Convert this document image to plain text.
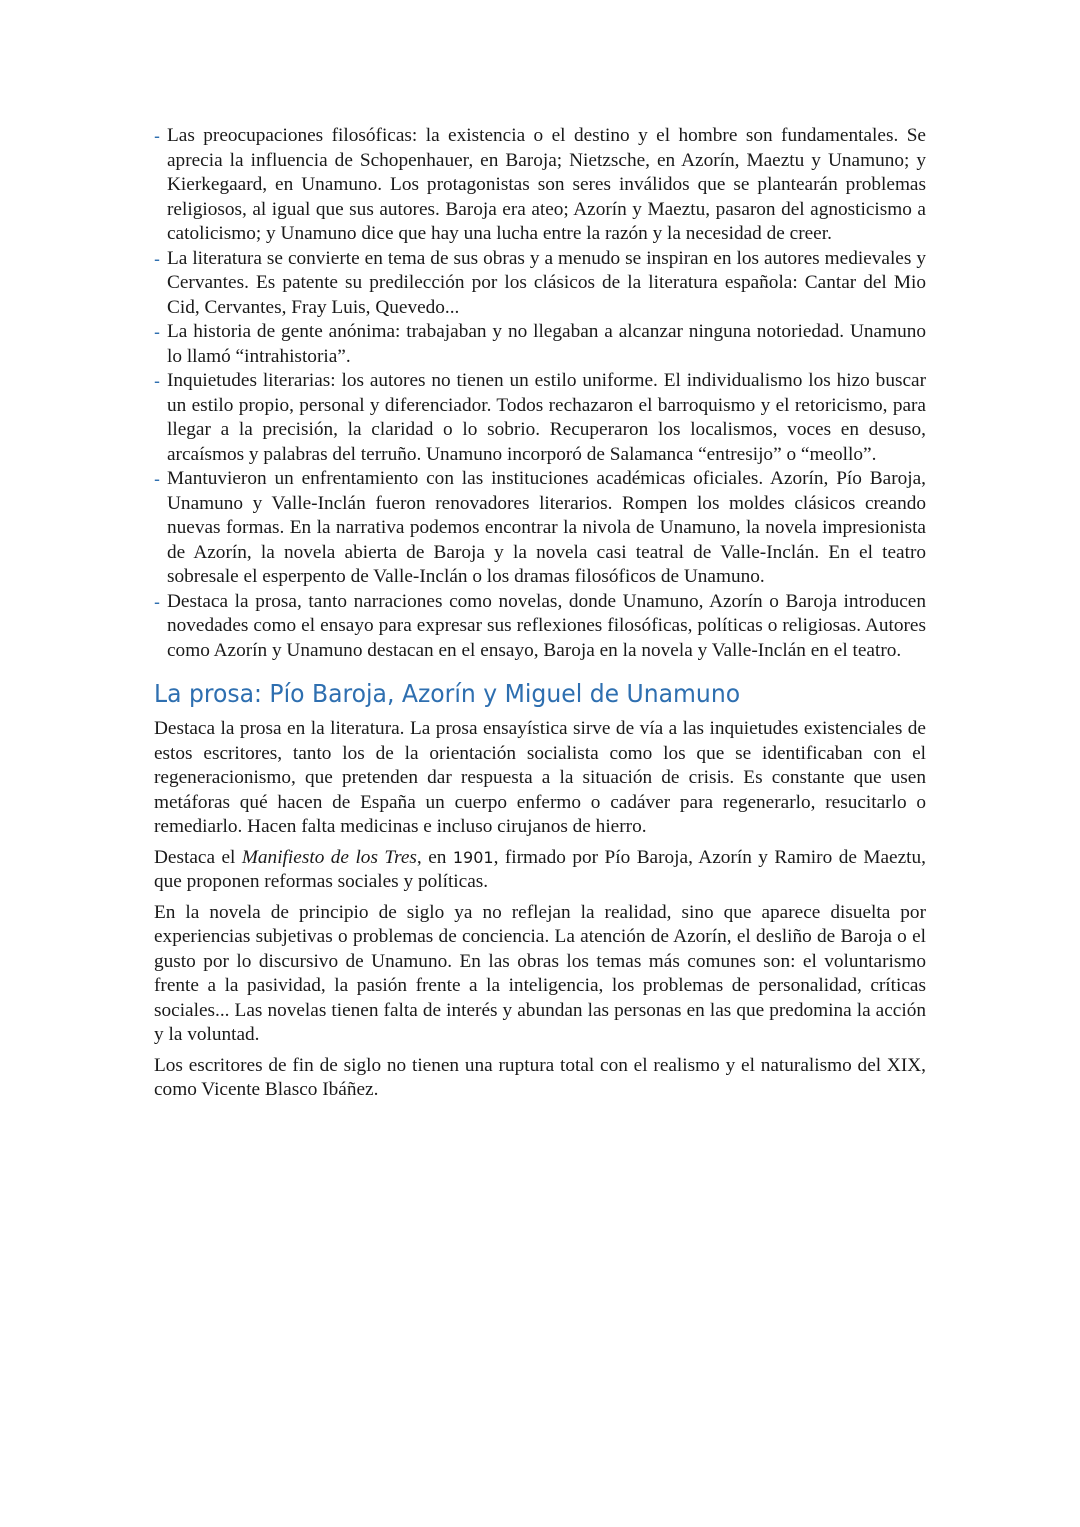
- Las preocupaciones filosóficas: la existencia o el destino y el hombre son fundamentales. Se aprecia la influencia de Schopenhauer, en Baroja; Nietzsche, en Azorín, Maeztu y Unamuno; y Kierkegaard, en Unamuno. Los protagonistas son seres inválidos que se plantearán problemas religiosos, al igual que sus autores. Baroja era ateo; Azorín y Maeztu, pasaron del agnosticismo a catolicismo; y Unamuno dice que hay una lucha entre la razón y la necesidad de creer.
- La literatura se convierte en tema de sus obras y a menudo se inspiran en los autores medievales y Cervantes. Es patente su predilección por los clásicos de la literatura española: Cantar del Mio Cid, Cervantes, Fray Luis, Quevedo...
- La historia de gente anónima: trabajaban y no llegaban a alcanzar ninguna notoriedad. Unamuno lo llamó “intrahistoria”.
- Inquietudes literarias: los autores no tienen un estilo uniforme. El individualismo los hizo buscar un estilo propio, personal y diferenciador. Todos rechazaron el barroquismo y el retoricismo, para llegar a la precisión, la claridad o lo sobrio. Recuperaron los localismos, voces en desuso, arcaísmos y palabras del terruño. Unamuno incorporó de Salamanca “entresijo” o “meollo”.
- Mantuvieron un enfrentamiento con las instituciones académicas oficiales. Azorín, Pío Baroja, Unamuno y Valle-Inclán fueron renovadores literarios. Rompen los moldes clásicos creando nuevas formas. En la narrativa podemos encontrar la nivola de Unamuno, la novela impresionista de Azorín, la novela abierta de Baroja y la novela casi teatral de Valle-Inclán. En el teatro sobresale el esperpento de Valle-Inclán o los dramas filosóficos de Unamuno.
- Destaca la prosa, tanto narraciones como novelas, donde Unamuno, Azorín o Baroja introducen novedades como el ensayo para expresar sus reflexiones filosóficas, políticas o religiosas. Autores como Azorín y Unamuno destacan en el ensayo, Baroja en la novela y Valle-Inclán en el teatro.
La prosa: Pío Baroja, Azorín y Miguel de Unamuno

Destaca la prosa en la literatura. La prosa ensayística sirve de vía a las inquietudes existenciales de estos escritores, tanto los de la orientación socialista como los que se identificaban con el regeneracionismo, que pretenden dar respuesta a la situación de crisis. Es constante que usen metáforas qué hacen de España un cuerpo enfermo o cadáver para regenerarlo, resucitarlo o remediarlo. Hacen falta medicinas e incluso cirujanos de hierro.

Destaca el Manifiesto de los Tres, en 1901, firmado por Pío Baroja, Azorín y Ramiro de Maeztu, que proponen reformas sociales y políticas.

En la novela de principio de siglo ya no reflejan la realidad, sino que aparece disuelta por experiencias subjetivas o problemas de conciencia. La atención de Azorín, el desliño de Baroja o el gusto por lo discursivo de Unamuno. En las obras los temas más comunes son: el voluntarismo frente a la pasividad, la pasión frente a la inteligencia, los problemas de personalidad, críticas sociales... Las novelas tienen falta de interés y abundan las personas en las que predomina la acción y la voluntad.

Los escritores de fin de siglo no tienen una ruptura total con el realismo y el naturalismo del XIX, como Vicente Blasco Ibáñez.
